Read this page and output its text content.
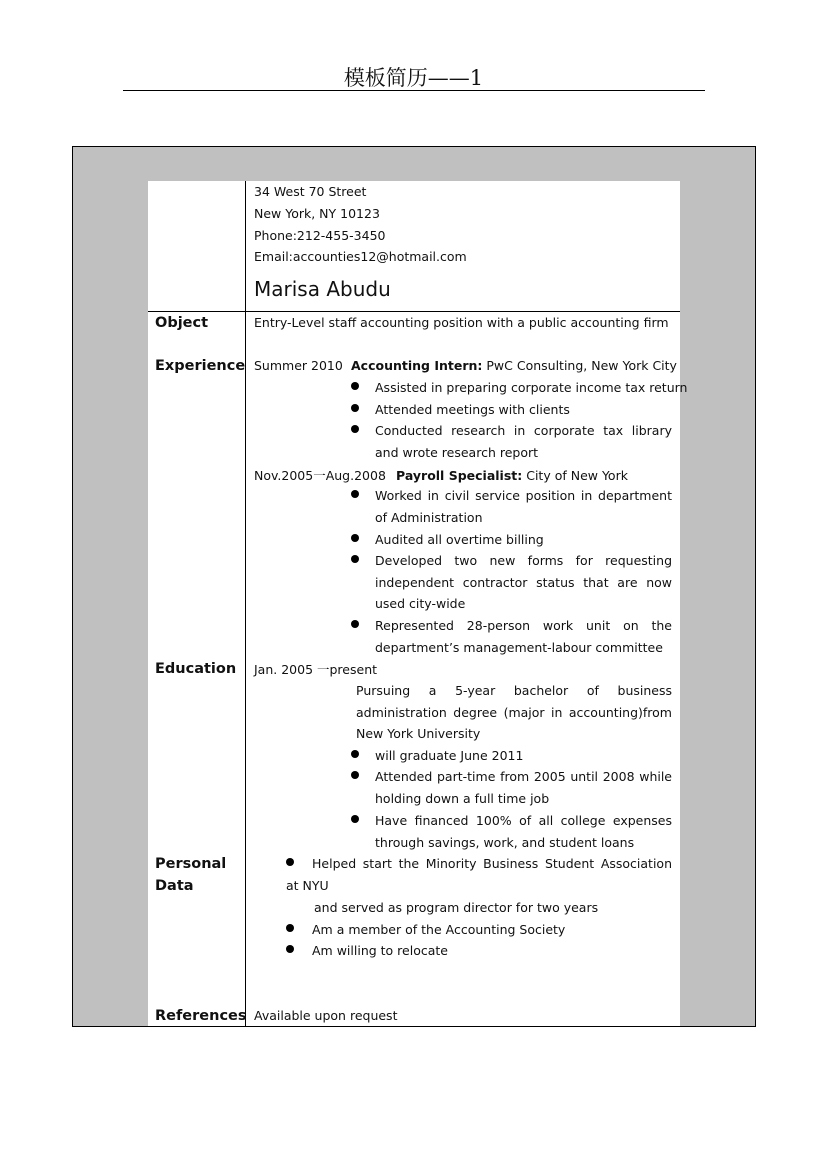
模板简历——1
34 West 70 Street
New York, NY 10123
Phone:212-455-3450
Email:accounties12@hotmail.com
Marisa Abudu
Object
Experience
Education
Personal
Data
References
Entry-Level staff accounting position with a public accounting firm
Summer 2010 Accounting Intern: PwC Consulting, New York City
Assisted in preparing corporate income tax return
Attended meetings with clients
Conducted research in corporate tax library and wrote research report
Nov.2005一Aug.2008 Payroll Specialist: City of New York
Worked in civil service position in department of Administration
Audited all overtime billing
Developed two new forms for requesting independent contractor status that are now used city-wide
Represented 28-person work unit on the department’s management-labour committee
Jan. 2005 一present
Pursuing a 5-year bachelor of business administration degree (major in accounting)from New York University
will graduate June 2011
Attended part-time from 2005 until 2008 while holding down a full time job
Have financed 100% of all college expenses through savings, work, and student loans
Helped start the Minority Business Student Association at NYU
and served as program director for two years
Am a member of the Accounting Society
Am willing to relocate
Available upon request
